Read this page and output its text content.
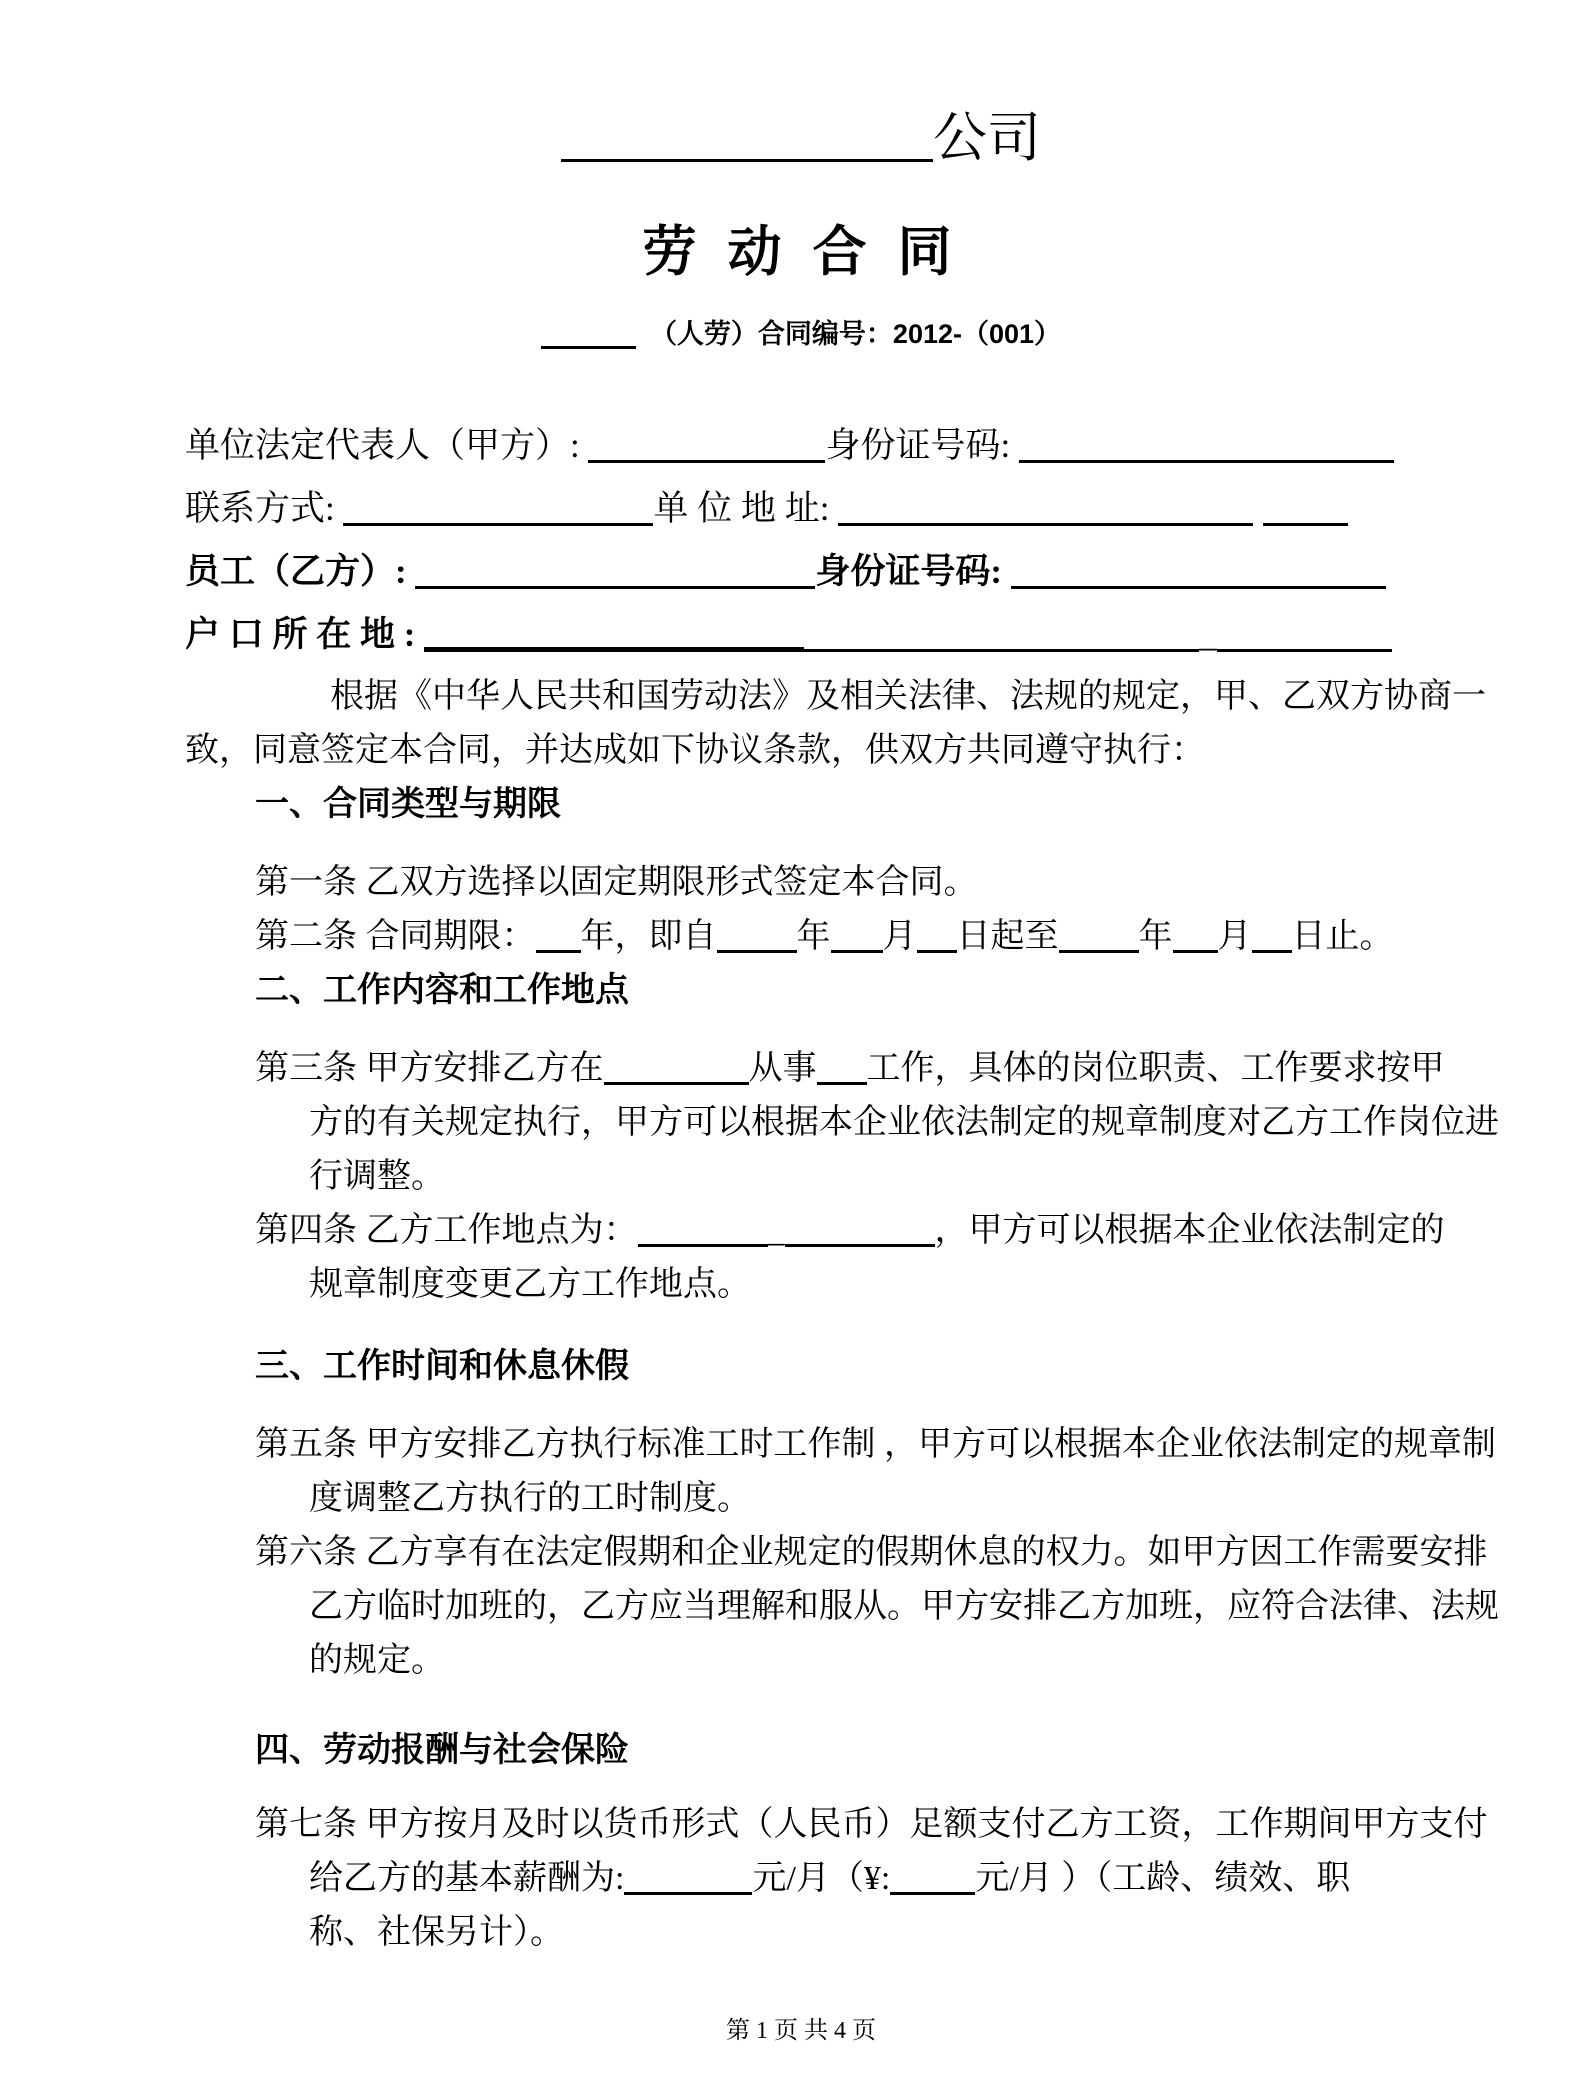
公司
劳 动 合 同
（人劳）合同编号：2012-（001）
单位法定代表人（甲方）:	身份证号码:
联系方式:	单 位 地 址:
员工（乙方）:	身份证号码:
户 口 所 在 地 :	_
根据《中华人民共和国劳动法》及相关法律、法规的规定，甲、乙双方协商一
致，同意签定本合同，并达成如下协议条款，供双方共同遵守执行：
一、合同类型与期限
第一条 乙双方选择以固定期限形式签定本合同。
第二条 合同期限： 年，即自 年 月 日起至 年 月 日止。
二、工作内容和工作地点
第三条 甲方安排乙方在	从事 工作，具体的岗位职责、工作要求按甲
方的有关规定执行，甲方可以根据本企业依法制定的规章制度对乙方工作岗位进
行调整。
第四条 乙方工作地点为：	_	，甲方可以根据本企业依法制定的
规章制度变更乙方工作地点。
三、工作时间和休息休假
第五条 甲方安排乙方执行标准工时工作制 ，甲方可以根据本企业依法制定的规章制
度调整乙方执行的工时制度。
第六条 乙方享有在法定假期和企业规定的假期休息的权力。如甲方因工作需要安排
乙方临时加班的，乙方应当理解和服从。甲方安排乙方加班，应符合法律、法规
的规定。
四、劳动报酬与社会保险
第七条 甲方按月及时以货币形式（人民币）足额支付乙方工资，工作期间甲方支付
给乙方的基本薪酬为:	元/月（¥:	元/月 ）（工龄、绩效、职
称、社保另计）。
第 1 页 共 4 页
